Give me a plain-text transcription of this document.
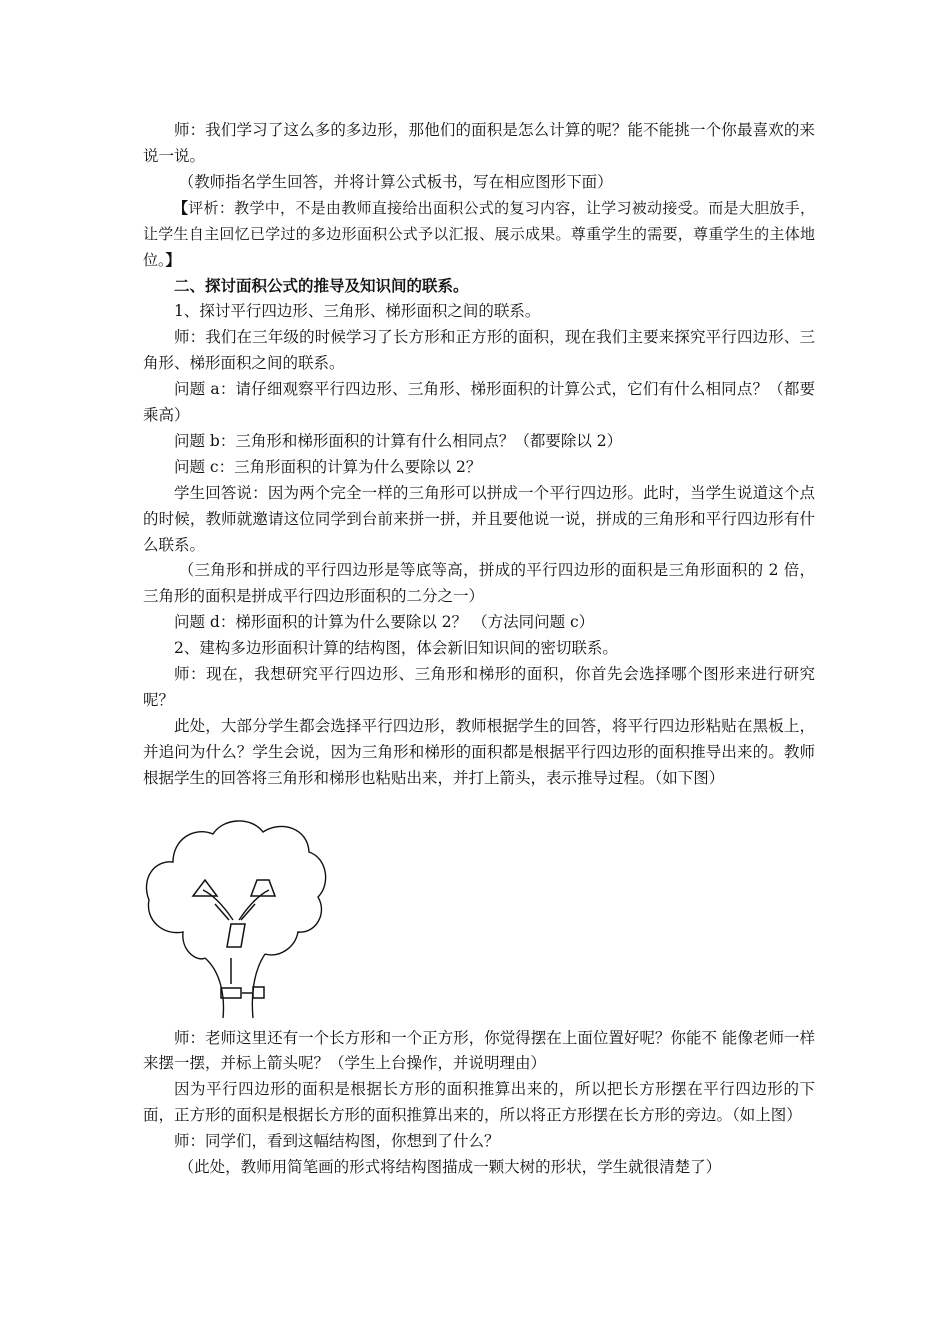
师：我们学习了这么多的多边形，那他们的面积是怎么计算的呢？能不能挑一个你最喜欢的来说一说。

（教师指名学生回答，并将计算公式板书，写在相应图形下面）

【评析：教学中，不是由教师直接给出面积公式的复习内容，让学习被动接受。而是大胆放手，让学生自主回忆已学过的多边形面积公式予以汇报、展示成果。尊重学生的需要，尊重学生的主体地位。】

二、探讨面积公式的推导及知识间的联系。

1、探讨平行四边形、三角形、梯形面积之间的联系。

师：我们在三年级的时候学习了长方形和正方形的面积，现在我们主要来探究平行四边形、三角形、梯形面积之间的联系。

问题 a：请仔细观察平行四边形、三角形、梯形面积的计算公式，它们有什么相同点？（都要乘高）

问题 b：三角形和梯形面积的计算有什么相同点？（都要除以 2）

问题 c：三角形面积的计算为什么要除以 2？

学生回答说：因为两个完全一样的三角形可以拼成一个平行四边形。此时，当学生说道这个点的时候，教师就邀请这位同学到台前来拼一拼，并且要他说一说，拼成的三角形和平行四边形有什么联系。

（三角形和拼成的平行四边形是等底等高，拼成的平行四边形的面积是三角形面积的 2 倍，三角形的面积是拼成平行四边形面积的二分之一）

问题 d：梯形面积的计算为什么要除以 2？ （方法同问题 c）

2、建构多边形面积计算的结构图，体会新旧知识间的密切联系。

师：现在，我想研究平行四边形、三角形和梯形的面积，你首先会选择哪个图形来进行研究呢？

此处，大部分学生都会选择平行四边形，教师根据学生的回答，将平行四边形粘贴在黑板上，并追问为什么？学生会说，因为三角形和梯形的面积都是根据平行四边形的面积推导出来的。教师根据学生的回答将三角形和梯形也粘贴出来，并打上箭头，表示推导过程。（如下图）

师：老师这里还有一个长方形和一个正方形，你觉得摆在上面位置好呢？你能不 能像老师一样来摆一摆，并标上箭头呢？（学生上台操作，并说明理由）

因为平行四边形的面积是根据长方形的面积推算出来的，所以把长方形摆在平行四边形的下面，正方形的面积是根据长方形的面积推算出来的，所以将正方形摆在长方形的旁边。（如上图）

师：同学们，看到这幅结构图，你想到了什么？

（此处，教师用简笔画的形式将结构图描成一颗大树的形状，学生就很清楚了）
